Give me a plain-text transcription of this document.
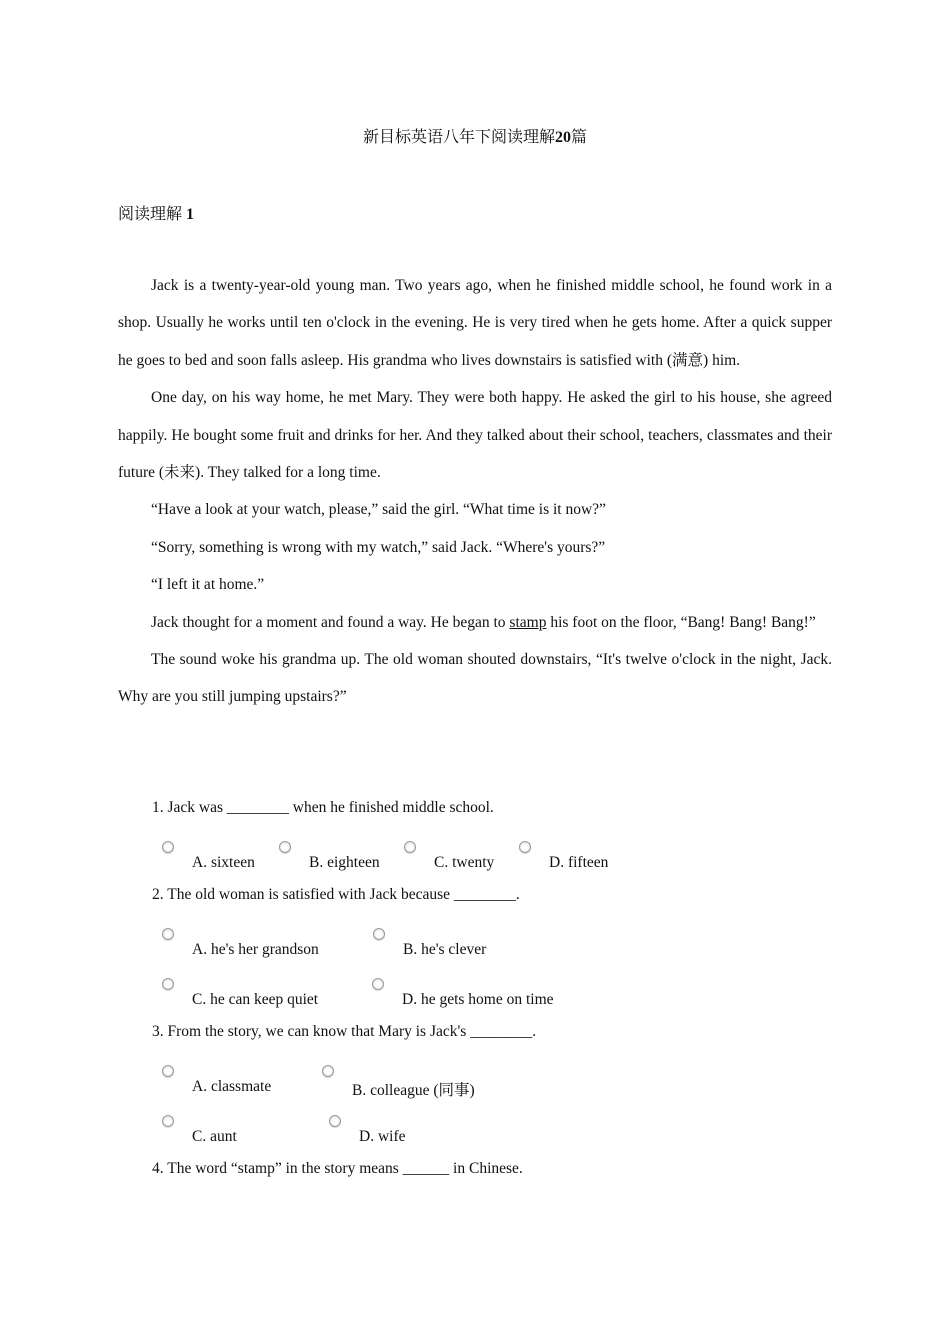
新目标英语八年下阅读理解20篇
阅读理解 1

Jack is a twenty-year-old young man. Two years ago, when he finished middle school, he found work in a shop. Usually he works until ten o'clock in the evening. He is very tired when he gets home. After a quick supper he goes to bed and soon falls asleep. His grandma who lives downstairs is satisfied with (满意) him.

One day, on his way home, he met Mary. They were both happy. He asked the girl to his house, she agreed happily. He bought some fruit and drinks for her. And they talked about their school, teachers, classmates and their future (未来). They talked for a long time.

“Have a look at your watch, please,” said the girl. “What time is it now?”

“Sorry, something is wrong with my watch,” said Jack. “Where's yours?”

“I left it at home.”

Jack thought for a moment and found a way. He began to stamp his foot on the floor, “Bang! Bang! Bang!”

The sound woke his grandma up. The old woman shouted downstairs, “It's twelve o'clock in the night, Jack. Why are you still jumping upstairs?”

1. Jack was ________ when he finished middle school.
A. sixteen	B. eighteen	C. twenty	D. fifteen
2. The old woman is satisfied with Jack because ________.
A. he's her grandson	B. he's clever
C. he can keep quiet	D. he gets home on time
3. From the story, we can know that Mary is Jack's ________.
A. classmate	B. colleague (同事)
C. aunt	D. wife
4. The word “stamp” in the story means ______ in Chinese.
